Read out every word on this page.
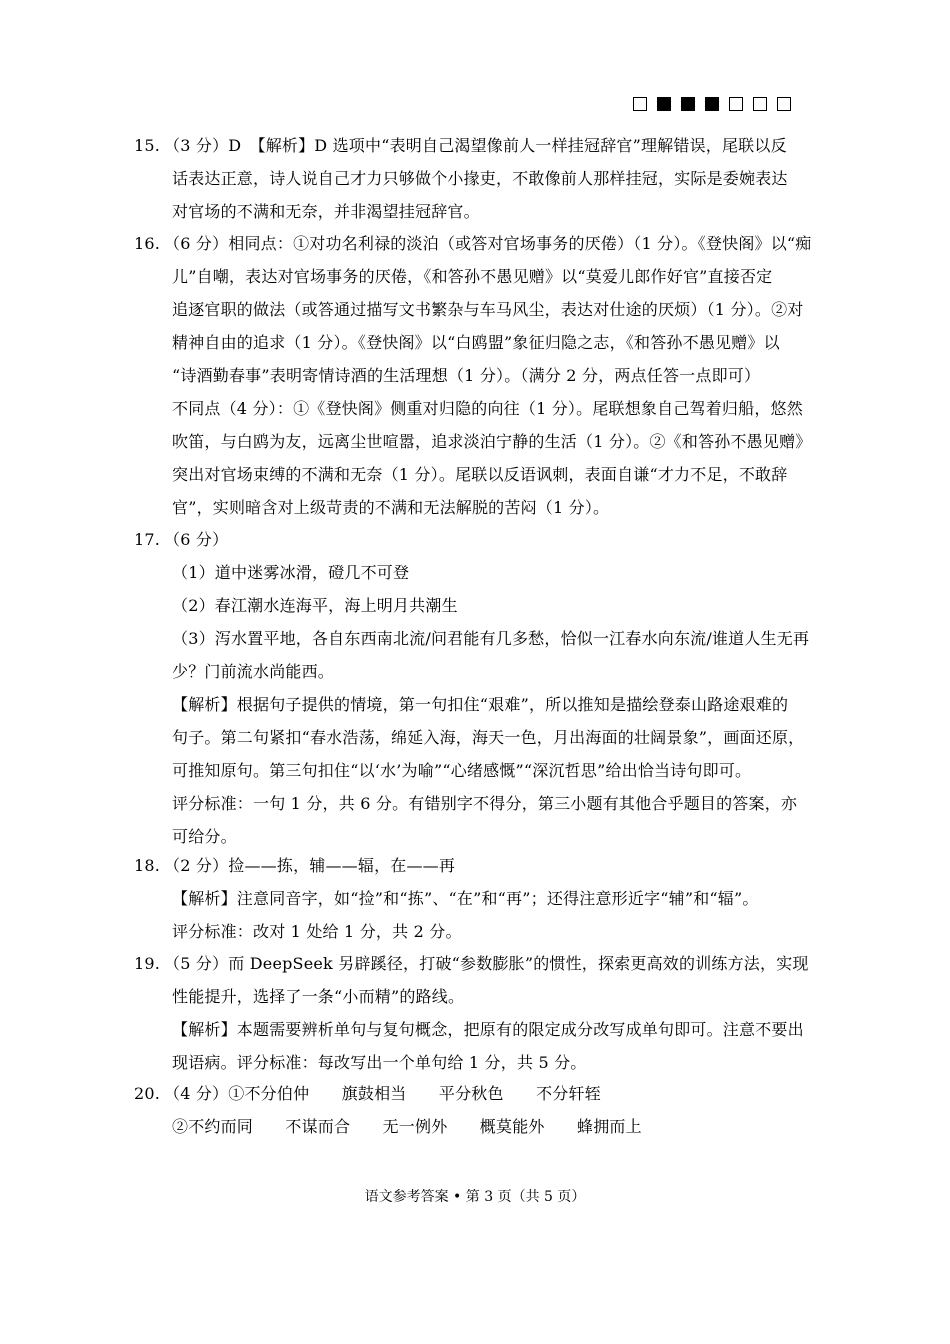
15. （3 分）D　【解析】D 选项中“表明自己渴望像前人一样挂冠辞官”理解错误，尾联以反
话表达正意，诗人说自己才力只够做个小掾吏，不敢像前人那样挂冠，实际是委婉表达
对官场的不满和无奈，并非渴望挂冠辞官。
16. （6 分）相同点：①对功名利禄的淡泊（或答对官场事务的厌倦）（1 分）。《登快阁》以“痴
儿”自嘲，表达对官场事务的厌倦，《和答孙不愚见赠》以“莫爱儿郎作好官”直接否定
追逐官职的做法（或答通过描写文书繁杂与车马风尘，表达对仕途的厌烦）（1 分）。②对
精神自由的追求（1 分）。《登快阁》以“白鸥盟”象征归隐之志，《和答孙不愚见赠》以
“诗酒勤春事”表明寄情诗酒的生活理想（1 分）。（满分 2 分，两点任答一点即可）
不同点（4 分）：①《登快阁》侧重对归隐的向往（1 分）。尾联想象自己驾着归船，悠然
吹笛，与白鸥为友，远离尘世喧嚣，追求淡泊宁静的生活（1 分）。②《和答孙不愚见赠》
突出对官场束缚的不满和无奈（1 分）。尾联以反语讽刺，表面自谦“才力不足，不敢辞
官”，实则暗含对上级苛责的不满和无法解脱的苦闷（1 分）。
17. （6 分）
（1）道中迷雾冰滑，磴几不可登
（2）春江潮水连海平，海上明月共潮生
（3）泻水置平地，各自东西南北流/问君能有几多愁，恰似一江春水向东流/谁道人生无再
少？门前流水尚能西。
【解析】根据句子提供的情境，第一句扣住“艰难”，所以推知是描绘登泰山路途艰难的
句子。第二句紧扣“春水浩荡，绵延入海，海天一色，月出海面的壮阔景象”，画面还原，
可推知原句。第三句扣住“以‘水’为喻”“心绪感慨”“深沉哲思”给出恰当诗句即可。
评分标准：一句 1 分，共 6 分。有错别字不得分，第三小题有其他合乎题目的答案，亦
可给分。
18. （2 分）捡——拣，辅——辐，在——再
【解析】注意同音字，如“捡”和“拣”、“在”和“再”；还得注意形近字“辅”和“辐”。
评分标准：改对 1 处给 1 分，共 2 分。
19. （5 分）而 DeepSeek 另辟蹊径，打破“参数膨胀”的惯性，探索更高效的训练方法，实现
性能提升，选择了一条“小而精”的路线。
【解析】本题需要辨析单句与复句概念，把原有的限定成分改写成单句即可。注意不要出
现语病。评分标准：每改写出一个单句给 1 分，共 5 分。
20. （4 分）①不分伯仲　　旗鼓相当　　平分秋色　　不分轩轾
②不约而同　　不谋而合　　无一例外　　概莫能外　　蜂拥而上
语文参考答案 • 第 3 页（共 5 页）
